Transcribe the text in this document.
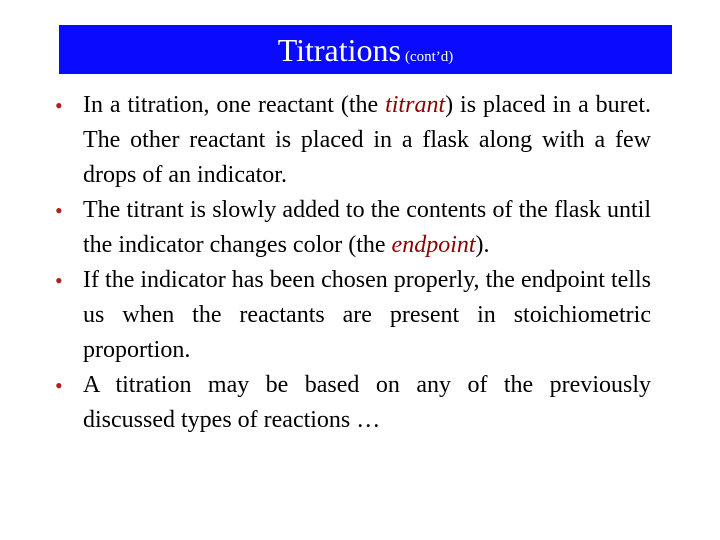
Titrations (cont’d)
• In a titration, one reactant (the titrant) is placed in a buret. The other reactant is placed in a flask along with a few drops of an indicator.
• The titrant is slowly added to the contents of the flask until the indicator changes color (the endpoint).
• If the indicator has been chosen properly, the endpoint tells us when the reactants are present in stoichiometric proportion.
• A titration may be based on any of the previously discussed types of reactions …
